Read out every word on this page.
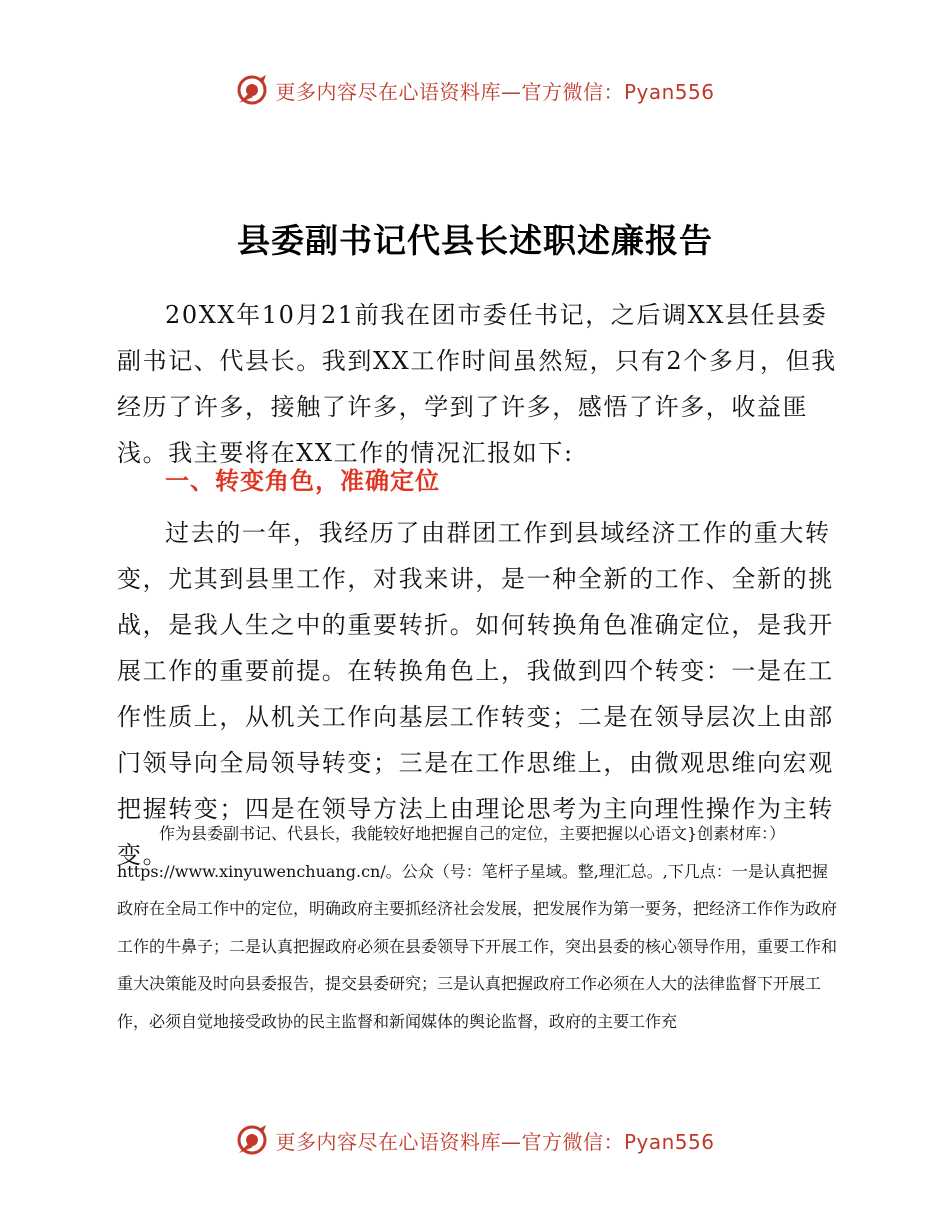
更多内容尽在心语资料库—官方微信：Pyan556
县委副书记代县长述职述廉报告

20XX年10月21前我在团市委任书记，之后调XX县任县委副书记、代县长。我到XX工作时间虽然短，只有2个多月，但我经历了许多，接触了许多，学到了许多，感悟了许多，收益匪浅。我主要将在XX工作的情况汇报如下:

一、转变角色，准确定位

过去的一年，我经历了由群团工作到县域经济工作的重大转变，尤其到县里工作，对我来讲，是一种全新的工作、全新的挑战，是我人生之中的重要转折。如何转换角色准确定位，是我开展工作的重要前提。在转换角色上，我做到四个转变：一是在工作性质上，从机关工作向基层工作转变；二是在领导层次上由部门领导向全局领导转变；三是在工作思维上，由微观思维向宏观把握转变；四是在领导方法上由理论思考为主向理性操作为主转变。

作为县委副书记、代县长，我能较好地把握自己的定位，主要把握以心语文}创素材库：）https://www.xinyuwenchuang.cn/。公众（号：笔杆子星域。整,理汇总。,下几点：一是认真把握政府在全局工作中的定位，明确政府主要抓经济社会发展，把发展作为第一要务，把经济工作作为政府工作的牛鼻子；二是认真把握政府必须在县委领导下开展工作，突出县委的核心领导作用，重要工作和重大决策能及时向县委报告，提交县委研究；三是认真把握政府工作必须在人大的法律监督下开展工作，必须自觉地接受政协的民主监督和新闻媒体的舆论监督，政府的主要工作充

更多内容尽在心语资料库—官方微信：Pyan556
